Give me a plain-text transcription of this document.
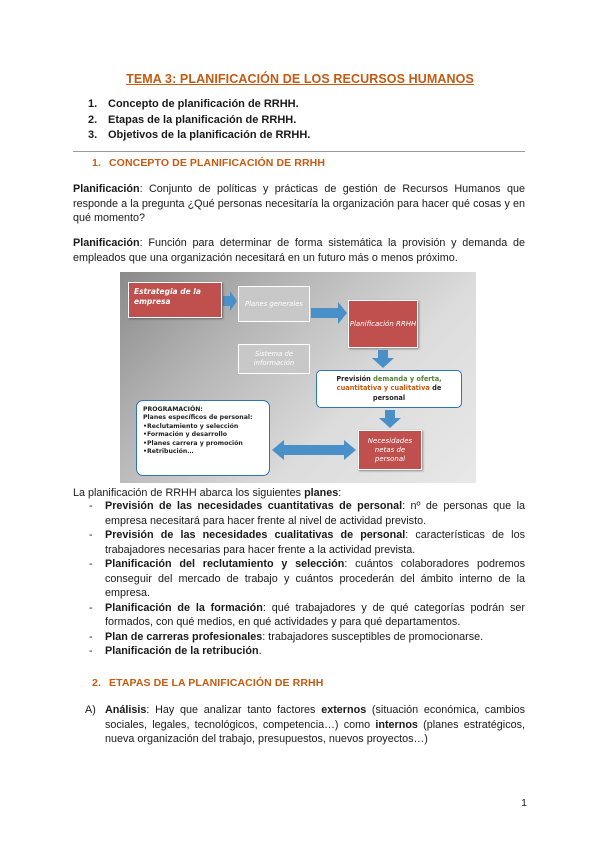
TEMA 3: PLANIFICACIÓN DE LOS RECURSOS HUMANOS
1. Concepto de planificación de RRHH.
2. Etapas de la planificación de RRHH.
3. Objetivos de la planificación de RRHH.
1. CONCEPTO DE PLANIFICACIÓN DE RRHH
Planificación: Conjunto de políticas y prácticas de gestión de Recursos Humanos que responde a la pregunta ¿Qué personas necesitaría la organización para hacer qué cosas y en qué momento?
Planificación: Función para determinar de forma sistemática la provisión y demanda de empleados que una organización necesitará en un futuro más o menos próximo.
Estrategia de la empresa	Planes generales
Sistema de información
Planificación RRHH
Previsión demanda y oferta, cuantitativa y cualitativa de personal
PROGRAMACIÓN:
Planes específicos de personal:
•Reclutamiento y selección
•Formación y desarrollo
•Planes carrera y promoción
•Retribución…
Necesidades netas de personal
La planificación de RRHH abarca los siguientes planes:
- Previsión de las necesidades cuantitativas de personal: nº de personas que la empresa necesitará para hacer frente al nivel de actividad previsto.
- Previsión de las necesidades cualitativas de personal: características de los trabajadores necesarias para hacer frente a la actividad prevista.
- Planificación del reclutamiento y selección: cuántos colaboradores podremos conseguir del mercado de trabajo y cuántos procederán del ámbito interno de la empresa.
- Planificación de la formación: qué trabajadores y de qué categorías podrán ser formados, con qué medios, en qué actividades y para qué departamentos.
- Plan de carreras profesionales: trabajadores susceptibles de promocionarse.
- Planificación de la retribución.
2. ETAPAS DE LA PLANIFICACIÓN DE RRHH
A) Análisis: Hay que analizar tanto factores externos (situación económica, cambios sociales, legales, tecnológicos, competencia…) como internos (planes estratégicos, nueva organización del trabajo, presupuestos, nuevos proyectos…)
1
